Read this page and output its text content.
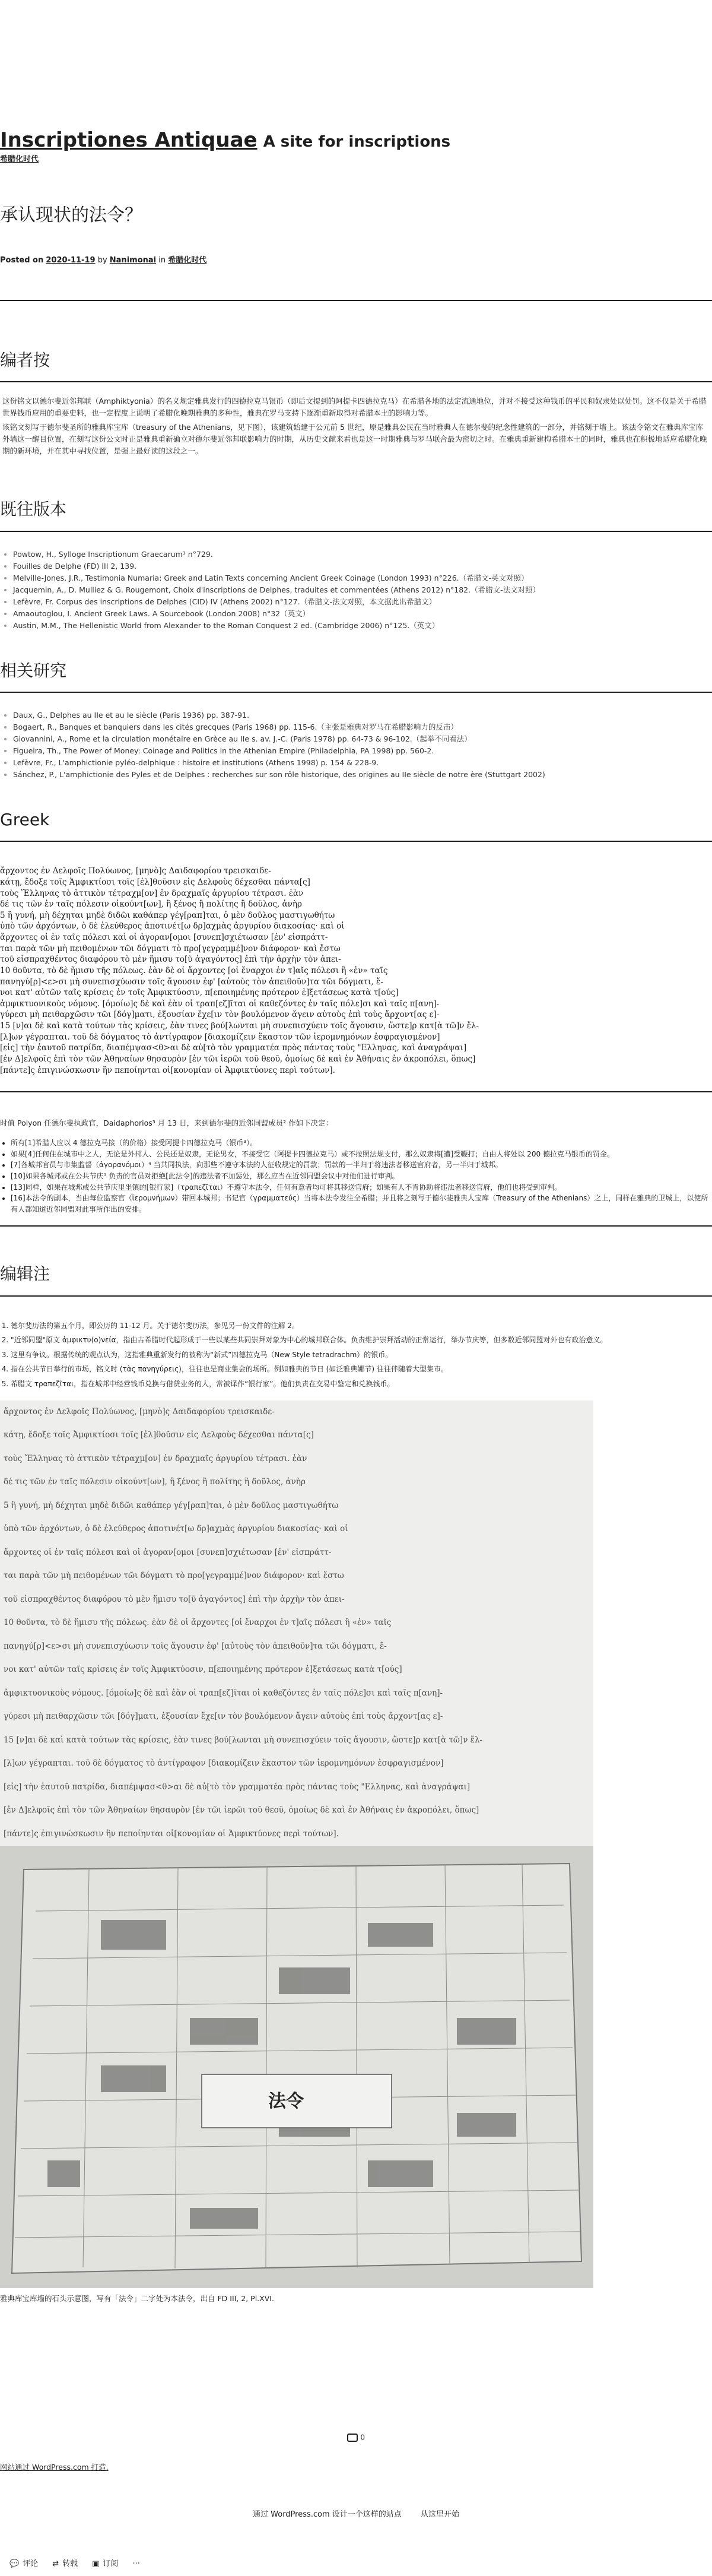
Inscriptiones Antiquae A site for inscriptions
希腊化时代
承认现状的法令？
Posted on 2020-11-19 by Nanimonai in 希腊化时代
编者按

这份铭文以德尔斐近邻邦联（Amphiktyonia）的名义规定雅典发行的四德拉克马银币（即后文提到的阿提卡四德拉克马）在希腊各地的法定流通地位，并对不接受这种钱币的平民和奴隶处以处罚。这不仅是关于希腊世界钱币应用的重要史料，也一定程度上说明了希腊化晚期雅典的多种性，雅典在罗马支持下逐渐重新取得对希腊本土的影响力等。

该铭文刻写于德尔斐圣所的雅典库宝库（treasury of the Athenians，见下图），该建筑始建于公元前 5 世纪，原是雅典公民在当时雅典人在德尔斐的纪念性建筑的一部分，并铭刻于墙上。该法令铭文在雅典库宝库外墙这一醒目位置，在刻写这份公文时正是雅典重新确立对德尔斐近邻邦联影响力的时期，从历史文献来看也是这一时期雅典与罗马联合最为密切之时。在雅典重新建构希腊本土的同时，雅典也在积极地适应希腊化晚期的新环境，并在其中寻找位置，是强上最好读的这段之一。

既往版本
• Powtow, H., Sylloge Inscriptionum Graecarum³ n°729.
• Fouilles de Delphe (FD) III 2, 139.
• Melville-Jones, J.R., Testimonia Numaria: Greek and Latin Texts concerning Ancient Greek Coinage (London 1993) n°226.（希腊文-英文对照）
• Jacquemin, A., D. Mulliez & G. Rougemont, Choix d'inscriptions de Delphes, traduites et commentées (Athens 2012) n°182.（希腊文-法文对照）
• Lefèvre, Fr. Corpus des inscriptions de Delphes (CID) IV (Athens 2002) n°127.（希腊文-法文对照，本文据此出希腊文）
• Amaoutoglou, I. Ancient Greek Laws. A Sourcebook (London 2008) n°32（英文）
• Austin, M.M., The Hellenistic World from Alexander to the Roman Conquest 2 ed. (Cambridge 2006) n°125.（英文）
相关研究
• Daux, G., Delphes au IIe et au Ie siècle (Paris 1936) pp. 387-91.
• Bogaert, R., Banques et banquiers dans les cités grecques (Paris 1968) pp. 115-6.（主张是雅典对罗马在希腊影响力的反击）
• Giovannini, A., Rome et la circulation monétaire en Grèce au IIe s. av. J.-C. (Paris 1978) pp. 64-73 & 96-102.（起举不同看法）
• Figueira, Th., The Power of Money: Coinage and Politics in the Athenian Empire (Philadelphia, PA 1998) pp. 560-2.
• Lefèvre, Fr., L'amphictionie pyléo-delphique : histoire et institutions (Athens 1998) p. 154 & 228-9.
• Sánchez, P., L'amphictionie des Pyles et de Delphes : recherches sur son rôle historique, des origines au IIe siècle de notre ère (Stuttgart 2002)
Greek
ἄρχοντος ἐν Δελφοῖς Πολύωνος, [μηνὸ]ς Δαιδαφορίου τρεισκαιδε-
κάτῃ, ἔδοξε τοῖς Ἀμφικτίοσι τοῖς [ἐλ]θοῦσιν εἰς Δελφοὺς δέχεσθαι πάντα[ς]
τοὺς Ἕλληνας τὸ ἀττικὸν τέτραχμ[ον] ἐν δραχμαῖς ἀργυρίου τέτρασι. ἐὰν
δέ τις τῶν ἐν ταῖς πόλεσιν οἰκούντ[ων], ἢ ξένος ἢ πολίτης ἢ δοῦλος, ἀνὴρ
5 ἢ γυνή, μὴ δέχηται μηδὲ διδῶι καθάπερ γέγ[ραπ]ται, ὁ μὲν δοῦλος μαστιγωθήτω
ὑπὸ τῶν ἀρχόντων, ὁ δὲ ἐλεύθερος ἀποτινέτ[ω δρ]αχμὰς ἀργυρίου διακοσίας· καὶ οἱ
ἄρχοντες οἱ ἐν ταῖς πόλεσι καὶ οἱ ἀγοραν[ομοι [συνεπ]σχιέτωσαν [ἐν' εἰσπράττ-
ται παρὰ τῶν μὴ πειθομένων τῶι δόγματι τὸ προ[γεγραμμέ]νον διάφορον· καὶ ἔστω
τοῦ εἰσπραχθέντος διαφόρου τὸ μὲν ἥμισυ το[ῦ ἀγαγόντος] ἐπὶ τὴν ἀρχὴν τὸν ἀπει-
10 θοῦντα, τὸ δὲ ἥμισυ τῆς πόλεως. ἐὰν δὲ οἱ ἄρχοντες [οἱ ἔναρχοι ἐν τ]αῖς πόλεσι ἢ «ἐν» ταῖς
πανηγύ[ρ]<ε>σι μὴ συνεπισχύωσιν τοῖς ἄγουσιν ἐφ' [αὐτοὺς τὸν ἀπειθοῦν]τα τῶι δόγματι, ἔ-
νοι κατ' αὐτῶν ταῖς κρίσεις ἐν τοῖς Ἀμφικτύοσιν, π[εποιημένης πρότερον ἐ]ξετάσεως κατὰ τ[ούς]
ἀμφικτυονικοὺς νόμους. [όμοίω]ς δὲ καὶ ἐὰν οἱ τραπ[εζ]ῖται οἱ καθεζόντες ἐν ταῖς πόλε]σι καὶ ταῖς π[ανη]-
γύρεσι μὴ πειθαρχῶσιν τῶι [δόγ]ματι, ἐξουσίαν ἔχε[ιν τὸν βουλόμενον ἄγειν αὐτοὺς ἐπὶ τοὺς ἄρχοντ[ας ε]-
15 [ν]αι δὲ καὶ κατὰ τούτων τὰς κρίσεις, ἐὰν τινες βού[λωνται μὴ συνεπισχύειν τοῖς ἄγουσιν, ὥστε]ρ κατ[ὰ τῶ]ν ἔλ-
[λ]ων γέγραπται. τοῦ δὲ δόγματος τὸ ἀντίγραφον [διακομίζειν ἕκαστον τῶν ἱερομνημόνων ἐσφραγισμένον]
[εἰς] τὴν ἑαυτοῦ πατρίδα, διαπέμψασ<θ>αι δὲ αὐ[τὸ τὸν γραμματέα πρὸς πάντας τοὺς "Ελληνας, καὶ ἀναγράψαι]
[ἐν Δ]ελφοῖς ἐπὶ τὸν τῶν Ἀθηναίων θησαυρὸν [ἐν τῶι ἱερῶι τοῦ θεοῦ, ὁμοίως δὲ καὶ ἐν Ἀθήναις ἐν ἀκροπόλει, ὅπως]
[πάντε]ς ἐπιγινώσκωσιν ἣν πεποίηνται οἱ[κονομίαν οἱ Ἀμφικτύονες περὶ τούτων].

时值 Polyon 任德尔斐执政官，Daidaphorios³ 月 13 日，来到德尔斐的近邻同盟成员² 作如下决定：

• 所有[1]希腊人应以 4 德拉克马接（的价格）接受阿提卡四德拉克马（银币³）。
• 如果[4]任何住在城市中之人，无论是外邦人、公民还是奴隶，无论男女，不接受它（阿提卡四德拉克马）或不按照法规支付，那么奴隶将[遭]受鞭打；自由人将处以 200 德拉克马银币的罚金。
• [7]各城邦官员与市集监督（ἀγορανόμοι）⁴ 当共同执法，向那些不遵守本法的人征收规定的罚款；罚款的一半归于将违法者移送官府者，另一半归于城邦。
• [10]如果各城邦或在公共节庆⁵ 负责的官员对拒绝[此法令]的违法者不加惩处，那么应当在近邻同盟会议中对他们进行审判。
• [13]同样，如果在城邦或公共节庆里坐镇的[银行家]（τραπεζῖται）不遵守本法令，任何有意者均可将其移送官府；如果有人不肯协助将违法者移送官府，他们也将受到审判。
• [16]本法令的副本，当由每位监察官（ἱερομνήμων）带回本城邦；书记官（γραμματεύς）当将本法令发往全希腊；并且将之刻写于德尔斐雅典人宝库（Treasury of the Athenians）之上，同样在雅典的卫城上，以使所有人都知道近邻同盟对此事所作出的安排。
编辑注
1. 德尔斐历法的第五个月，即公历的 11-12 月。关于德尔斐历法，参见另一份文件的注解 2。
2. "近邻同盟"原文 ἀμφικτυ(ο)νεία，指由古希腊时代起形成于一些以某些共同崇拜对象为中心的城邦联合体。负责维护崇拜活动的正常运行，举办节庆等，但多数近邻同盟对外也有政治意义。
3. 这里有争议。根据传统的观点认为，这指雅典重新发行的被称为“新式”四德拉克马（New Style tetradrachm）的银币。
4. 指在公共节日举行的市场，铭文时 (τὰς πανηγύρεις)，往往也是商业集会的场所。例如雅典的节日 (如泛雅典娜节) 往往伴随着大型集市。
5. 希腊文 τραπεζῖται，指在城邦中经营钱币兑换与借贷业务的人，常被译作“银行家”。他们负责在交易中鉴定和兑换钱币。
ἄρχοντος ἐν Δελφοῖς Πολύωνος, [μηνὸ]ς Δαιδαφορίου τρεισκαιδε-
κάτῃ, ἔδοξε τοῖς Ἀμφικτίοσι τοῖς [ἐλ]θοῦσιν εἰς Δελφοὺς δέχεσθαι πάντα[ς]
τοὺς Ἕλληνας τὸ ἀττικὸν τέτραχμ[ον] ἐν δραχμαῖς ἀργυρίου τέτρασι. ἐὰν
δέ τις τῶν ἐν ταῖς πόλεσιν οἰκούντ[ων], ἢ ξένος ἢ πολίτης ἢ δοῦλος, ἀνὴρ
5 ἢ γυνή, μὴ δέχηται μηδὲ διδῶι καθάπερ γέγ[ραπ]ται, ὁ μὲν δοῦλος μαστιγωθήτω
ὑπὸ τῶν ἀρχόντων, ὁ δὲ ἐλεύθερος ἀποτινέτ[ω δρ]αχμὰς ἀργυρίου διακοσίας· καὶ οἱ
ἄρχοντες οἱ ἐν ταῖς πόλεσι καὶ οἱ ἀγοραν[ομοι [συνεπ]σχιέτωσαν [ἐν' εἰσπράττ-
ται παρὰ τῶν μὴ πειθομένων τῶι δόγματι τὸ προ[γεγραμμέ]νον διάφορον· καὶ ἔστω
τοῦ εἰσπραχθέντος διαφόρου τὸ μὲν ἥμισυ το[ῦ ἀγαγόντος] ἐπὶ τὴν ἀρχὴν τὸν ἀπει-
10 θοῦντα, τὸ δὲ ἥμισυ τῆς πόλεως. ἐὰν δὲ οἱ ἄρχοντες [οἱ ἔναρχοι ἐν τ]αῖς πόλεσι ἢ «ἐν» ταῖς
πανηγύ[ρ]<ε>σι μὴ συνεπισχύωσιν τοῖς ἄγουσιν ἐφ' [αὐτοὺς τὸν ἀπειθοῦν]τα τῶι δόγματι, ἔ-
νοι κατ' αὐτῶν ταῖς κρίσεις ἐν τοῖς Ἀμφικτύοσιν, π[εποιημένης πρότερον ἐ]ξετάσεως κατὰ τ[ούς]
ἀμφικτυονικοὺς νόμους. [όμοίω]ς δὲ καὶ ἐὰν οἱ τραπ[εζ]ῖται οἱ καθεζόντες ἐν ταῖς πόλε]σι καὶ ταῖς π[ανη]-
γύρεσι μὴ πειθαρχῶσιν τῶι [δόγ]ματι, ἐξουσίαν ἔχε[ιν τὸν βουλόμενον ἄγειν αὐτοὺς ἐπὶ τοὺς ἄρχοντ[ας ε]-
15 [ν]αι δὲ καὶ κατὰ τούτων τὰς κρίσεις, ἐὰν τινες βού[λωνται μὴ συνεπισχύειν τοῖς ἄγουσιν, ὥστε]ρ κατ[ὰ τῶ]ν ἔλ-
[λ]ων γέγραπται. τοῦ δὲ δόγματος τὸ ἀντίγραφον [διακομίζειν ἕκαστον τῶν ἱερομνημόνων ἐσφραγισμένον]
[εἰς] τὴν ἑαυτοῦ πατρίδα, διαπέμψασ<θ>αι δὲ αὐ[τὸ τὸν γραμματέα πρὸς πάντας τοὺς "Ελληνας, καὶ ἀναγράψαι]
[ἐν Δ]ελφοῖς ἐπὶ τὸν τῶν Ἀθηναίων θησαυρὸν [ἐν τῶι ἱερῶι τοῦ θεοῦ, ὁμοίως δὲ καὶ ἐν Ἀθήναις ἐν ἀκροπόλει, ὅπως]
[πάντε]ς ἐπιγινώσκωσιν ἣν πεποίηνται οἱ[κονομίαν οἱ Ἀμφικτύονες περὶ τούτων].
法令

雅典库宝库墙的石头示意图，写有「法令」二字处为本法令，出自 FD III, 2, Pl.XVI.

0
网站通过 WordPress.com 打造.
通过 WordPress.com 设计一个这样的站点 从这里开始
💬 评论 ⇄ 转载 ▣ 订阅 ···
